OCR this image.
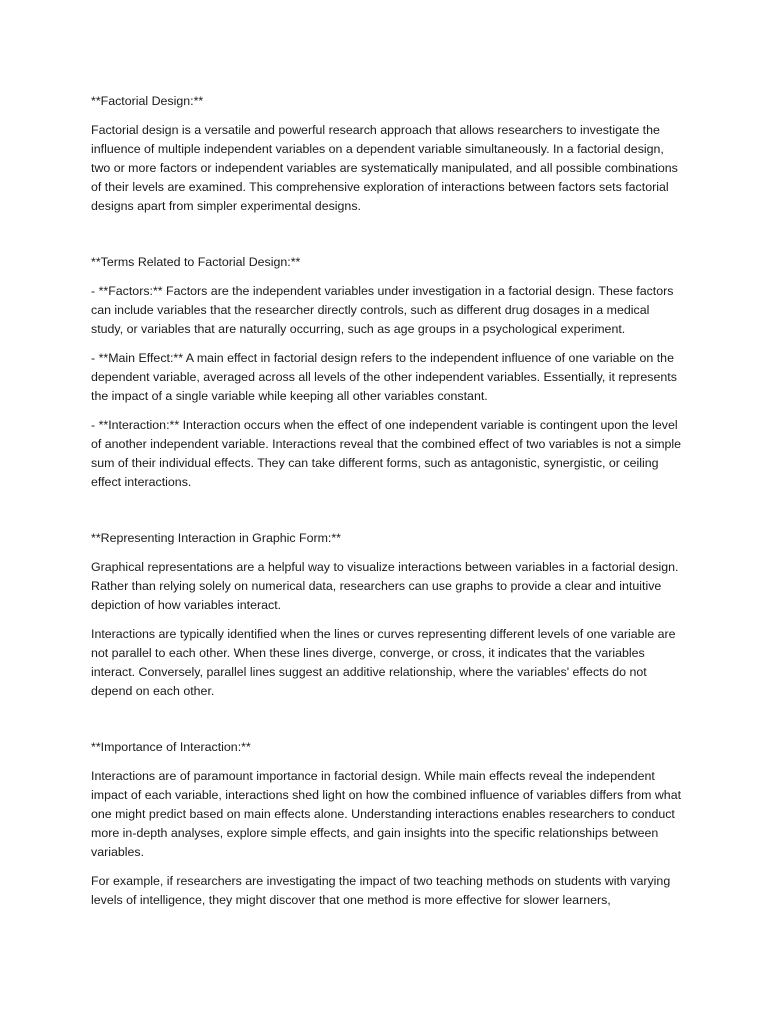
**Factorial Design:**

Factorial design is a versatile and powerful research approach that allows researchers to investigate the influence of multiple independent variables on a dependent variable simultaneously. In a factorial design, two or more factors or independent variables are systematically manipulated, and all possible combinations of their levels are examined. This comprehensive exploration of interactions between factors sets factorial designs apart from simpler experimental designs.

**Terms Related to Factorial Design:**

- **Factors:** Factors are the independent variables under investigation in a factorial design. These factors can include variables that the researcher directly controls, such as different drug dosages in a medical study, or variables that are naturally occurring, such as age groups in a psychological experiment.

- **Main Effect:** A main effect in factorial design refers to the independent influence of one variable on the dependent variable, averaged across all levels of the other independent variables. Essentially, it represents the impact of a single variable while keeping all other variables constant.

- **Interaction:** Interaction occurs when the effect of one independent variable is contingent upon the level of another independent variable. Interactions reveal that the combined effect of two variables is not a simple sum of their individual effects. They can take different forms, such as antagonistic, synergistic, or ceiling effect interactions.

**Representing Interaction in Graphic Form:**

Graphical representations are a helpful way to visualize interactions between variables in a factorial design. Rather than relying solely on numerical data, researchers can use graphs to provide a clear and intuitive depiction of how variables interact.

Interactions are typically identified when the lines or curves representing different levels of one variable are not parallel to each other. When these lines diverge, converge, or cross, it indicates that the variables interact. Conversely, parallel lines suggest an additive relationship, where the variables' effects do not depend on each other.

**Importance of Interaction:**

Interactions are of paramount importance in factorial design. While main effects reveal the independent impact of each variable, interactions shed light on how the combined influence of variables differs from what one might predict based on main effects alone. Understanding interactions enables researchers to conduct more in-depth analyses, explore simple effects, and gain insights into the specific relationships between variables.

For example, if researchers are investigating the impact of two teaching methods on students with varying levels of intelligence, they might discover that one method is more effective for slower learners,
